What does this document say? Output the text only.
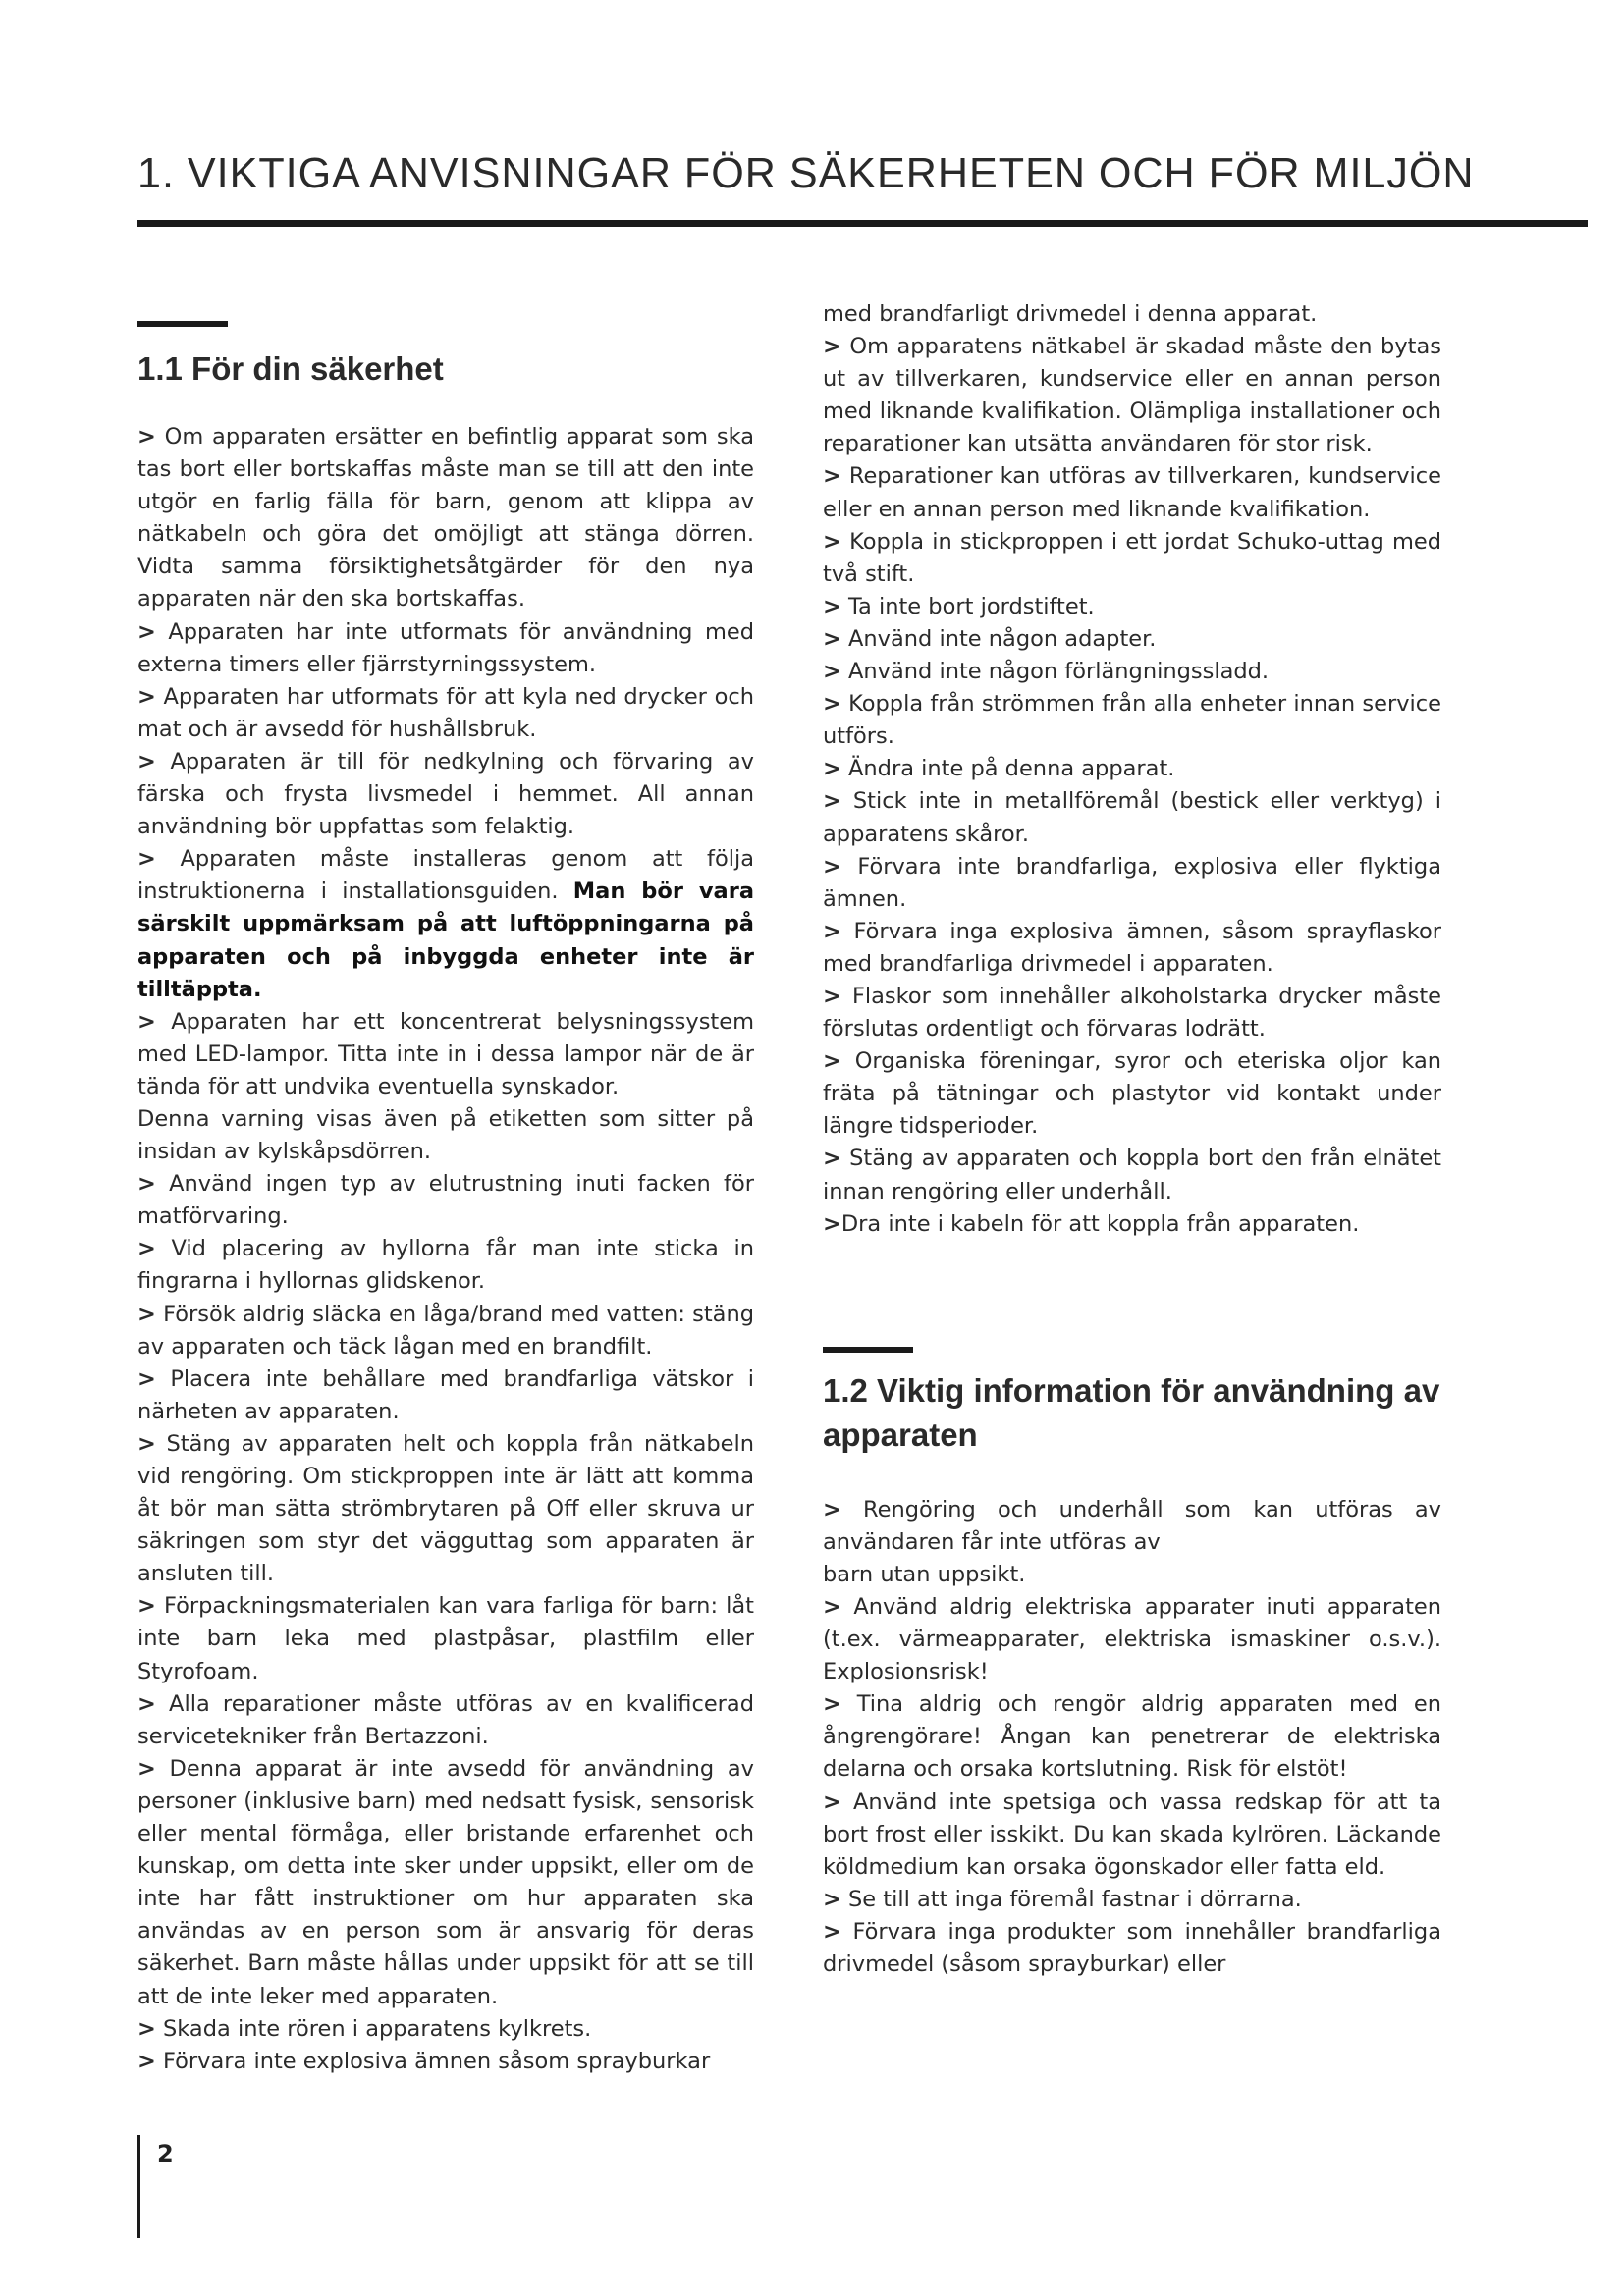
1. VIKTIGA ANVISNINGAR FÖR SÄKERHETEN OCH FÖR MILJÖN
1.1 För din säkerhet

> Om apparaten ersätter en befintlig apparat som ska tas bort eller bortskaffas måste man se till att den inte utgör en farlig fälla för barn, genom att klippa av nätkabeln och göra det omöjligt att stänga dörren. Vidta samma försiktighetsåtgärder för den nya apparaten när den ska bortskaffas.

> Apparaten har inte utformats för användning med externa timers eller fjärrstyrningssystem.

> Apparaten har utformats för att kyla ned drycker och mat och är avsedd för hushållsbruk.

> Apparaten är till för nedkylning och förvaring av färska och frysta livsmedel i hemmet. All annan användning bör uppfattas som felaktig.

> Apparaten måste installeras genom att följa instruktionerna i installationsguiden. Man bör vara särskilt uppmärksam på att luftöppningarna på apparaten och på inbyggda enheter inte är tilltäppta.

> Apparaten har ett koncentrerat belysningssystem med LED-lampor. Titta inte in i dessa lampor när de är tända för att undvika eventuella synskador.

Denna varning visas även på etiketten som sitter på insidan av kylskåpsdörren.

> Använd ingen typ av elutrustning inuti facken för matförvaring.

> Vid placering av hyllorna får man inte sticka in fingrarna i hyllornas glidskenor.

> Försök aldrig släcka en låga/brand med vatten: stäng av apparaten och täck lågan med en brandfilt.

> Placera inte behållare med brandfarliga vätskor i närheten av apparaten.

> Stäng av apparaten helt och koppla från nätkabeln vid rengöring. Om stickproppen inte är lätt att komma åt bör man sätta strömbrytaren på Off eller skruva ur säkringen som styr det vägguttag som apparaten är ansluten till.

> Förpackningsmaterialen kan vara farliga för barn: låt inte barn leka med plastpåsar, plastfilm eller Styrofoam.

> Alla reparationer måste utföras av en kvalificerad servicetekniker från Bertazzoni.

> Denna apparat är inte avsedd för användning av personer (inklusive barn) med nedsatt fysisk, sensorisk eller mental förmåga, eller bristande erfarenhet och kunskap, om detta inte sker under uppsikt, eller om de inte har fått instruktioner om hur apparaten ska användas av en person som är ansvarig för deras säkerhet. Barn måste hållas under uppsikt för att se till att de inte leker med apparaten.

> Skada inte rören i apparatens kylkrets.

> Förvara inte explosiva ämnen såsom sprayburkar

med brandfarligt drivmedel i denna apparat.

> Om apparatens nätkabel är skadad måste den bytas ut av tillverkaren, kundservice eller en annan person med liknande kvalifikation. Olämpliga installationer och reparationer kan utsätta användaren för stor risk.

> Reparationer kan utföras av tillverkaren, kundservice eller en annan person med liknande kvalifikation.

> Koppla in stickproppen i ett jordat Schuko-uttag med två stift.

> Ta inte bort jordstiftet.

> Använd inte någon adapter.

> Använd inte någon förlängningssladd.

> Koppla från strömmen från alla enheter innan service utförs.

> Ändra inte på denna apparat.

> Stick inte in metallföremål (bestick eller verktyg) i apparatens skåror.

> Förvara inte brandfarliga, explosiva eller flyktiga ämnen.

> Förvara inga explosiva ämnen, såsom sprayflaskor med brandfarliga drivmedel i apparaten.

> Flaskor som innehåller alkoholstarka drycker måste förslutas ordentligt och förvaras lodrätt.

> Organiska föreningar, syror och eteriska oljor kan fräta på tätningar och plastytor vid kontakt under längre tidsperioder.

> Stäng av apparaten och koppla bort den från elnätet innan rengöring eller underhåll.

>Dra inte i kabeln för att koppla från apparaten.

1.2 Viktig information för användning av apparaten

> Rengöring och underhåll som kan utföras av användaren får inte utföras av

barn utan uppsikt.

> Använd aldrig elektriska apparater inuti apparaten (t.ex. värmeapparater, elektriska ismaskiner o.s.v.). Explosionsrisk!

> Tina aldrig och rengör aldrig apparaten med en ångrengörare! Ångan kan penetrerar de elektriska delarna och orsaka kortslutning. Risk för elstöt!

> Använd inte spetsiga och vassa redskap för att ta bort frost eller isskikt. Du kan skada kylrören. Läckande köldmedium kan orsaka ögonskador eller fatta eld.

> Se till att inga föremål fastnar i dörrarna.

> Förvara inga produkter som innehåller brandfarliga drivmedel (såsom sprayburkar) eller

2
